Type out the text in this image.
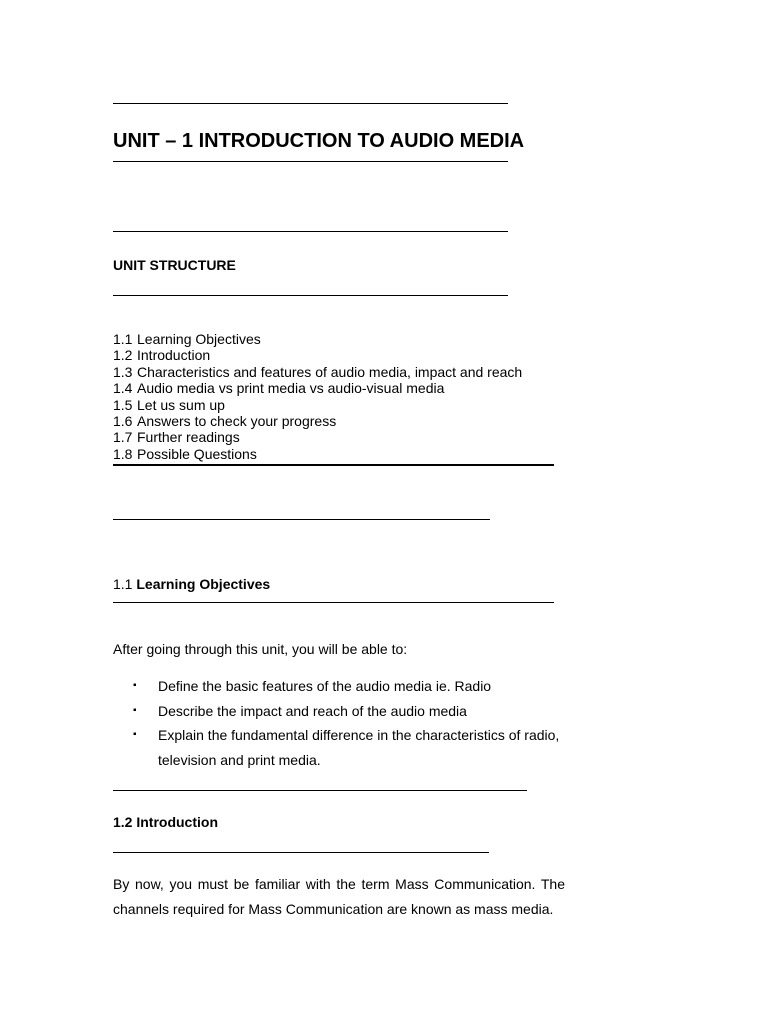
UNIT – 1 INTRODUCTION TO AUDIO MEDIA
UNIT STRUCTURE
1.1 Learning Objectives
1.2 Introduction
1.3 Characteristics and features of audio media, impact and reach
1.4 Audio media vs print media vs audio-visual media
1.5 Let us sum up
1.6 Answers to check your progress
1.7 Further readings
1.8 Possible Questions
1.1 Learning Objectives
After going through this unit, you will be able to:
▪ Define the basic features of the audio media ie. Radio
▪ Describe the impact and reach of the audio media
▪ Explain the fundamental difference in the characteristics of radio, television and print media.
1.2 Introduction
By now, you must be familiar with the term Mass Communication. The channels required for Mass Communication are known as mass media.
